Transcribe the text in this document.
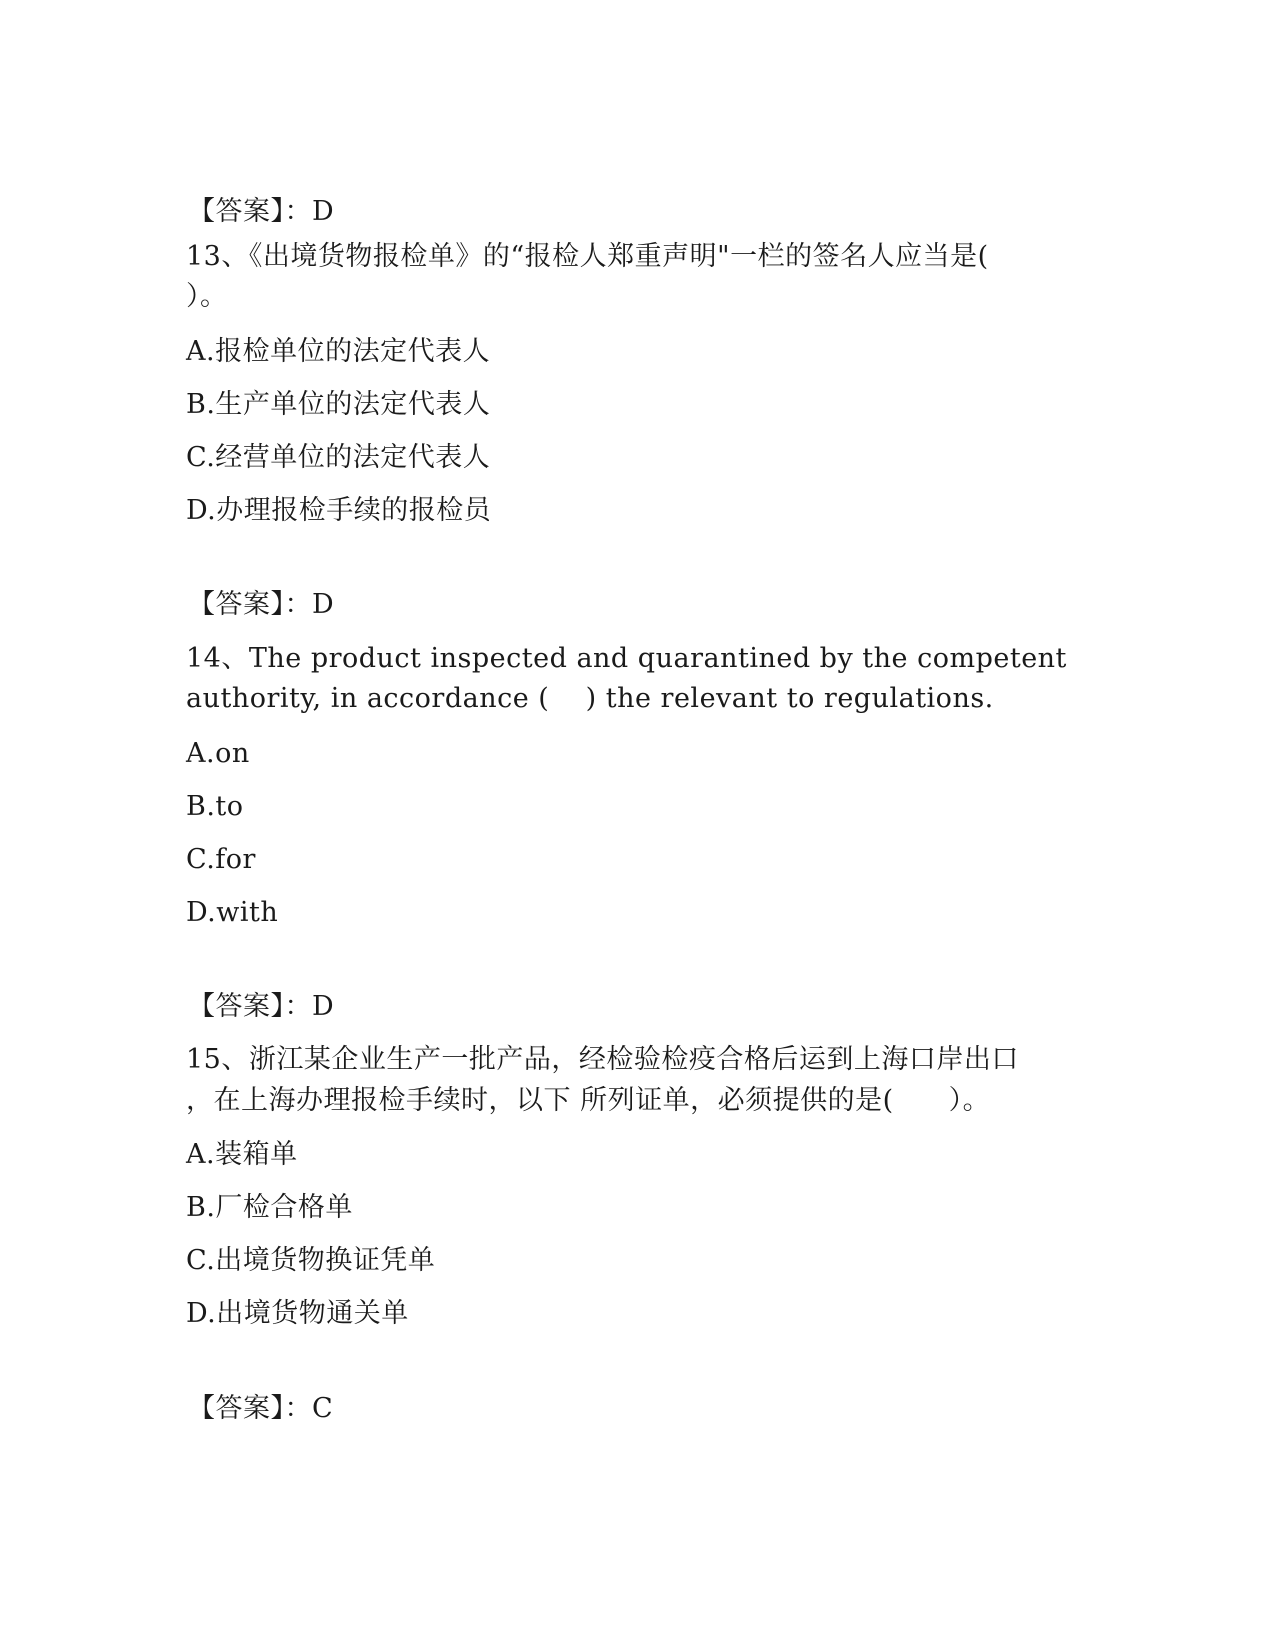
【答案】：D
13、《出境货物报检单》的“报检人郑重声明"一栏的签名人应当是(
）。
A.报检单位的法定代表人
B.生产单位的法定代表人
C.经营单位的法定代表人
D.办理报检手续的报检员
【答案】：D
14、The product inspected and quarantined by the competent
authority, in accordance (    ) the relevant to regulations.
A.on
B.to
C.for
D.with
【答案】：D
15、浙江某企业生产一批产品，经检验检疫合格后运到上海口岸出口
，在上海办理报检手续时，以下 所列证单，必须提供的是(　　）。
A.装箱单
B.厂检合格单
C.出境货物换证凭单
D.出境货物通关单
【答案】：C
